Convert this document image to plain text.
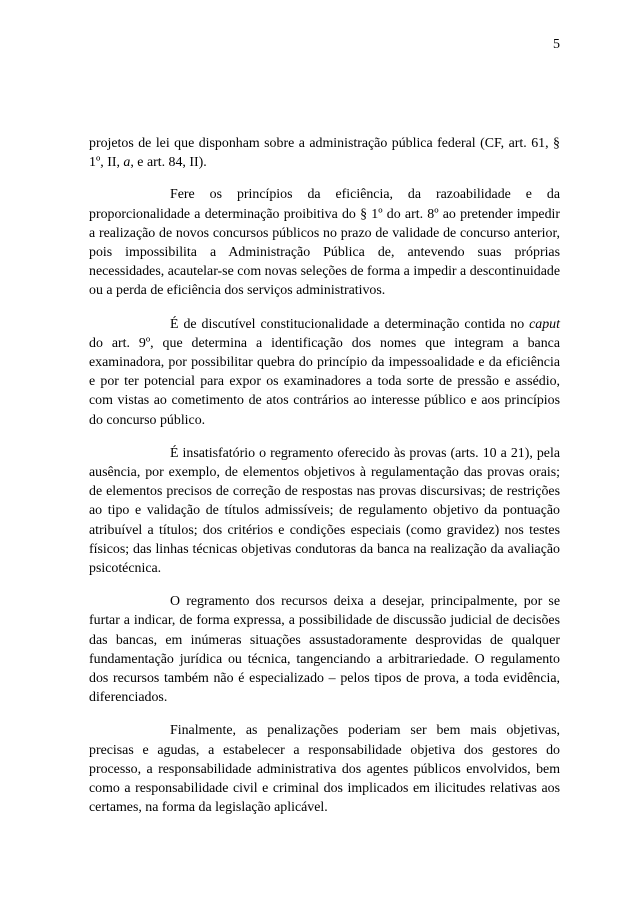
5

projetos de lei que disponham sobre a administração pública federal (CF, art. 61, § 1º, II, a, e art. 84, II).

Fere os princípios da eficiência, da razoabilidade e da proporcionalidade a determinação proibitiva do § 1º do art. 8º ao pretender impedir a realização de novos concursos públicos no prazo de validade de concurso anterior, pois impossibilita a Administração Pública de, antevendo suas próprias necessidades, acautelar-se com novas seleções de forma a impedir a descontinuidade ou a perda de eficiência dos serviços administrativos.

É de discutível constitucionalidade a determinação contida no caput do art. 9º, que determina a identificação dos nomes que integram a banca examinadora, por possibilitar quebra do princípio da impessoalidade e da eficiência e por ter potencial para expor os examinadores a toda sorte de pressão e assédio, com vistas ao cometimento de atos contrários ao interesse público e aos princípios do concurso público.

É insatisfatório o regramento oferecido às provas (arts. 10 a 21), pela ausência, por exemplo, de elementos objetivos à regulamentação das provas orais; de elementos precisos de correção de respostas nas provas discursivas; de restrições ao tipo e validação de títulos admissíveis; de regulamento objetivo da pontuação atribuível a títulos; dos critérios e condições especiais (como gravidez) nos testes físicos; das linhas técnicas objetivas condutoras da banca na realização da avaliação psicotécnica.

O regramento dos recursos deixa a desejar, principalmente, por se furtar a indicar, de forma expressa, a possibilidade de discussão judicial de decisões das bancas, em inúmeras situações assustadoramente desprovidas de qualquer fundamentação jurídica ou técnica, tangenciando a arbitrariedade. O regulamento dos recursos também não é especializado – pelos tipos de prova, a toda evidência, diferenciados.

Finalmente, as penalizações poderiam ser bem mais objetivas, precisas e agudas, a estabelecer a responsabilidade objetiva dos gestores do processo, a responsabilidade administrativa dos agentes públicos envolvidos, bem como a responsabilidade civil e criminal dos implicados em ilicitudes relativas aos certames, na forma da legislação aplicável.
